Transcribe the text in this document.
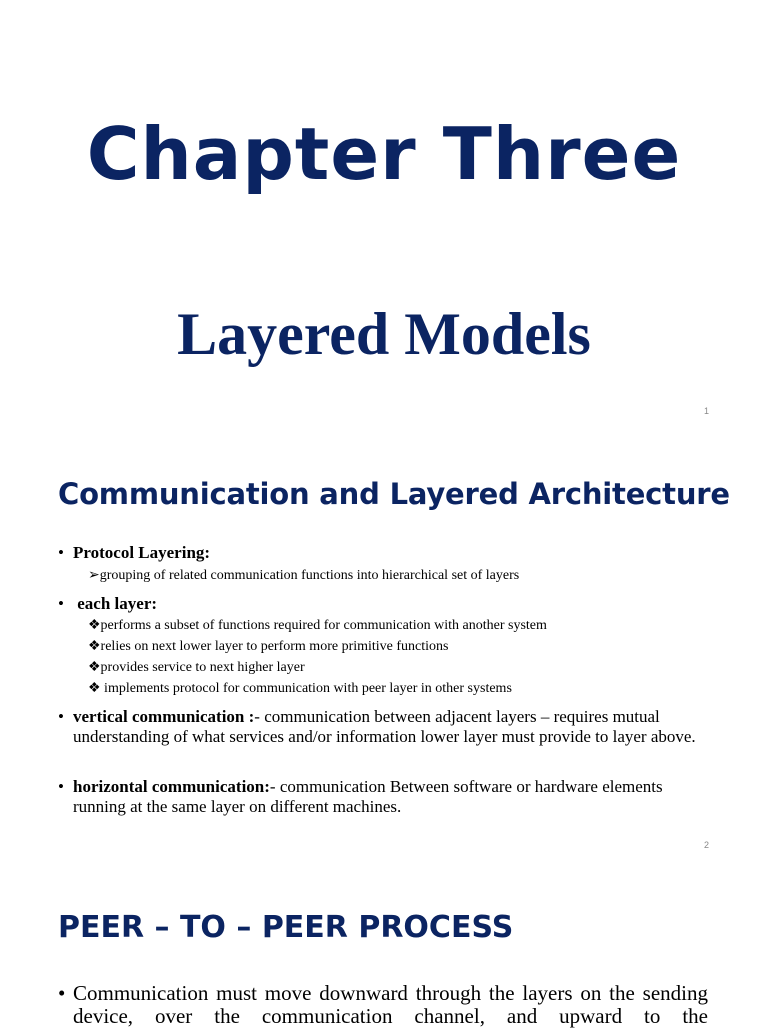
Chapter Three
Layered Models
1
Communication and Layered Architecture
• Protocol Layering:
➢grouping of related communication functions into hierarchical set of layers
• each layer:
❖performs a subset of functions required for communication with another system
❖relies on next lower layer to perform more primitive functions
❖provides service to next higher layer
❖ implements protocol for communication with peer layer in other systems
• vertical communication :- communication between adjacent layers – requires mutual understanding of what services and/or information lower layer must provide to layer above.
• horizontal communication:- communication Between software or hardware elements running at the same layer on different machines.
2
PEER – TO – PEER PROCESS
• Communication must move downward through the layers on the sending device, over the communication channel, and upward to the
